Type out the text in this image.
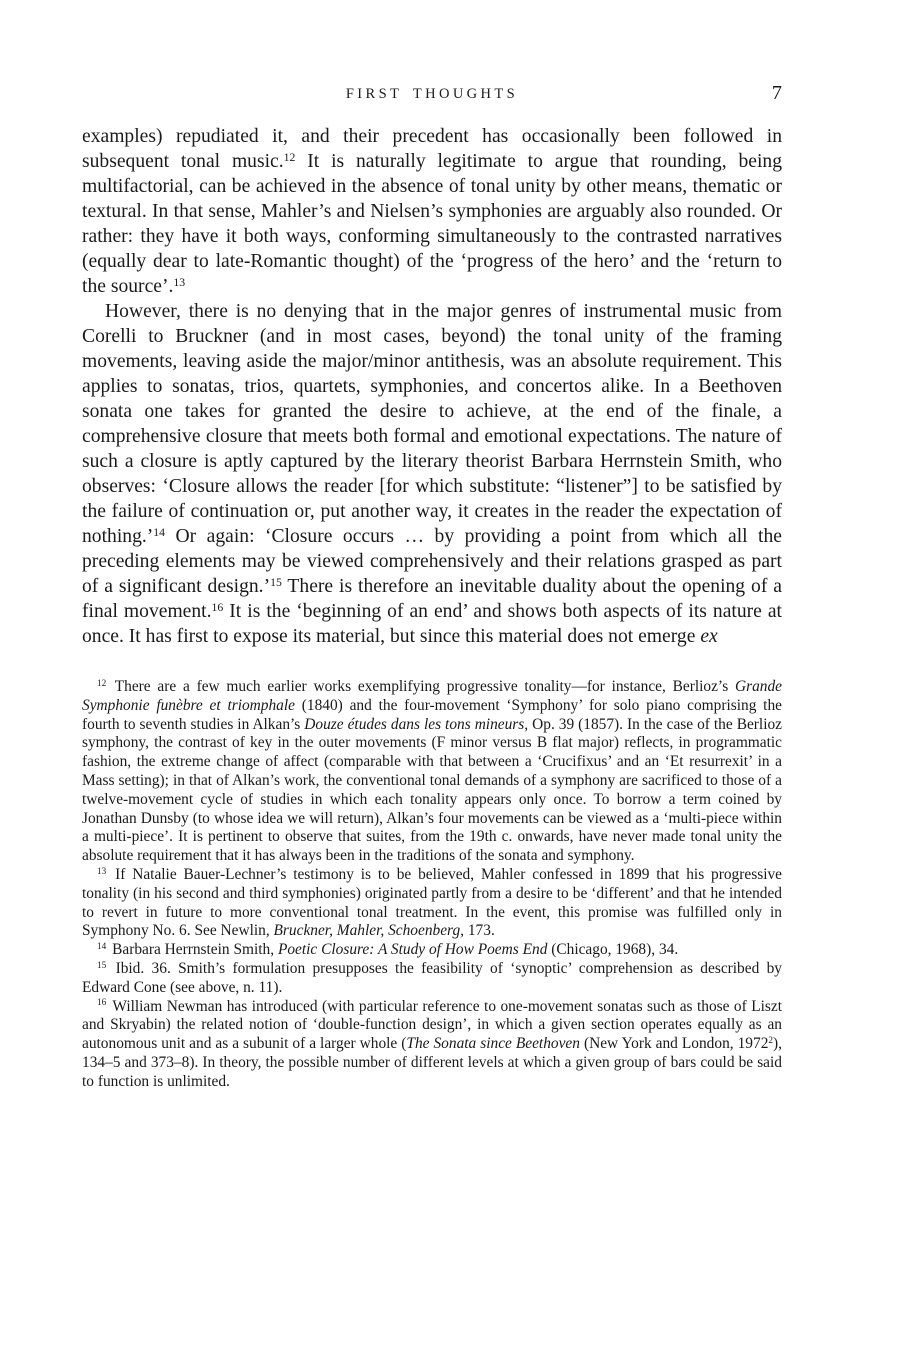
FIRST THOUGHTS	7

examples) repudiated it, and their precedent has occasionally been followed in subsequent tonal music.$^{12}$ It is naturally legitimate to argue that rounding, being multifactorial, can be achieved in the absence of tonal unity by other means, thematic or textural. In that sense, Mahler’s and Nielsen’s symphonies are arguably also rounded. Or rather: they have it both ways, conforming simultaneously to the contrasted narratives (equally dear to late-Romantic thought) of the ‘progress of the hero’ and the ‘return to the source’.$^{13}$

However, there is no denying that in the major genres of instrumental music from Corelli to Bruckner (and in most cases, beyond) the tonal unity of the framing movements, leaving aside the major/minor antithesis, was an absolute requirement. This applies to sonatas, trios, quartets, symphonies, and concertos alike. In a Beethoven sonata one takes for granted the desire to achieve, at the end of the finale, a comprehensive closure that meets both formal and emotional expectations. The nature of such a closure is aptly captured by the literary theorist Barbara Herrnstein Smith, who observes: ‘Closure allows the reader [for which substitute: “listener”] to be satisfied by the failure of continuation or, put another way, it creates in the reader the expectation of nothing.’$^{14}$ Or again: ‘Closure occurs … by providing a point from which all the preceding elements may be viewed comprehensively and their relations grasped as part of a significant design.’$^{15}$ There is therefore an inevitable duality about the opening of a final movement.$^{16}$ It is the ‘beginning of an end’ and shows both aspects of its nature at once. It has first to expose its material, but since this material does not emerge ex

$^{12}$ There are a few much earlier works exemplifying progressive tonality—for instance, Berlioz’s Grande Symphonie funèbre et triomphale (1840) and the four-movement ‘Symphony’ for solo piano comprising the fourth to seventh studies in Alkan’s Douze études dans les tons mineurs, Op. 39 (1857). In the case of the Berlioz symphony, the contrast of key in the outer movements (F minor versus B flat major) reflects, in programmatic fashion, the extreme change of affect (comparable with that between a ‘Crucifixus’ and an ‘Et resurrexit’ in a Mass setting); in that of Alkan’s work, the conventional tonal demands of a symphony are sacrificed to those of a twelve-movement cycle of studies in which each tonality appears only once. To borrow a term coined by Jonathan Dunsby (to whose idea we will return), Alkan’s four movements can be viewed as a ‘multi-piece within a multi-piece’. It is pertinent to observe that suites, from the 19th c. onwards, have never made tonal unity the absolute requirement that it has always been in the traditions of the sonata and symphony.

$^{13}$ If Natalie Bauer-Lechner’s testimony is to be believed, Mahler confessed in 1899 that his progressive tonality (in his second and third symphonies) originated partly from a desire to be ‘different’ and that he intended to revert in future to more conventional tonal treatment. In the event, this promise was fulfilled only in Symphony No. 6. See Newlin, Bruckner, Mahler, Schoenberg, 173.

$^{14}$ Barbara Herrnstein Smith, Poetic Closure: A Study of How Poems End (Chicago, 1968), 34.

$^{15}$ Ibid. 36. Smith’s formulation presupposes the feasibility of ‘synoptic’ comprehension as described by Edward Cone (see above, n. 11).

$^{16}$ William Newman has introduced (with particular reference to one-movement sonatas such as those of Liszt and Skryabin) the related notion of ‘double-function design’, in which a given section operates equally as an autonomous unit and as a subunit of a larger whole (The Sonata since Beethoven (New York and London, 1972$^2$), 134–5 and 373–8). In theory, the possible number of different levels at which a given group of bars could be said to function is unlimited.
